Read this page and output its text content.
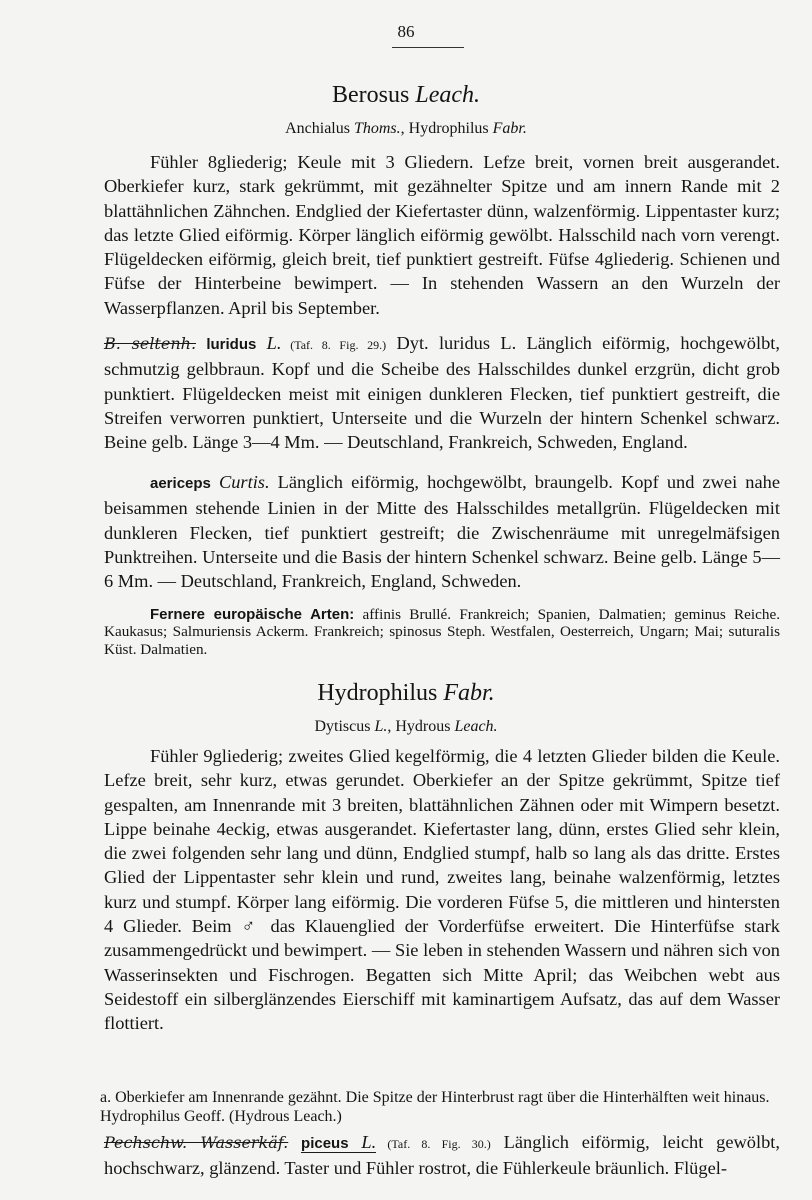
86
Berosus Leach.
Anchialus Thoms., Hydrophilus Fabr.
Fühler 8gliederig; Keule mit 3 Gliedern. Lefze breit, vornen breit ausgerandet. Oberkiefer kurz, stark gekrümmt, mit gezähnelter Spitze und am innern Rande mit 2 blattähnlichen Zähnchen. Endglied der Kiefertaster dünn, walzenförmig. Lippentaster kurz; das letzte Glied eiförmig. Körper länglich eiförmig gewölbt. Halsschild nach vorn verengt. Flügeldecken eiförmig, gleich breit, tief punktiert gestreift. Füfse 4gliederig. Schienen und Füfse der Hinterbeine bewimpert. — In stehenden Wassern an den Wurzeln der Wasserpflanzen. April bis September.
B. seltenh. luridus L. (Taf. 8. Fig. 29.) Dyt. luridus L. Länglich eiförmig, hochgewölbt, schmutzig gelbbraun. Kopf und die Scheibe des Halsschildes dunkel erzgrün, dicht grob punktiert. Flügeldecken meist mit einigen dunkleren Flecken, tief punktiert gestreift, die Streifen verworren punktiert, Unterseite und die Wurzeln der hintern Schenkel schwarz. Beine gelb. Länge 3—4 Mm. — Deutschland, Frankreich, Schweden, England.
aericeps Curtis. Länglich eiförmig, hochgewölbt, braungelb. Kopf und zwei nahe beisammen stehende Linien in der Mitte des Halsschildes metallgrün. Flügeldecken mit dunkleren Flecken, tief punktiert gestreift; die Zwischenräume mit unregelmäfsigen Punktreihen. Unterseite und die Basis der hintern Schenkel schwarz. Beine gelb. Länge 5—6 Mm. — Deutschland, Frankreich, England, Schweden.
Fernere europäische Arten: affinis Brullé. Frankreich; Spanien, Dalmatien; geminus Reiche. Kaukasus; Salmuriensis Ackerm. Frankreich; spinosus Steph. Westfalen, Oesterreich, Ungarn; Mai; suturalis Küst. Dalmatien.
Hydrophilus Fabr.
Dytiscus L., Hydrous Leach.
Fühler 9gliederig; zweites Glied kegelförmig, die 4 letzten Glieder bilden die Keule. Lefze breit, sehr kurz, etwas gerundet. Oberkiefer an der Spitze gekrümmt, Spitze tief gespalten, am Innenrande mit 3 breiten, blattähnlichen Zähnen oder mit Wimpern besetzt. Lippe beinahe 4eckig, etwas ausgerandet. Kiefertaster lang, dünn, erstes Glied sehr klein, die zwei folgenden sehr lang und dünn, Endglied stumpf, halb so lang als das dritte. Erstes Glied der Lippentaster sehr klein und rund, zweites lang, beinahe walzenförmig, letztes kurz und stumpf. Körper lang eiförmig. Die vorderen Füfse 5, die mittleren und hintersten 4 Glieder. Beim ♂ das Klauenglied der Vorderfüfse erweitert. Die Hinterfüfse stark zusammengedrückt und bewimpert. — Sie leben in stehenden Wassern und nähren sich von Wasserinsekten und Fischrogen. Begatten sich Mitte April; das Weibchen webt aus Seidestoff ein silberglänzendes Eierschiff mit kaminartigem Aufsatz, das auf dem Wasser flottiert.
a. Oberkiefer am Innenrande gezähnt. Die Spitze der Hinterbrust ragt über die Hinterhälften weit hinaus. Hydrophilus Geoff. (Hydrous Leach.)
Pechschw. Wasserkäf. piceus L. (Taf. 8. Fig. 30.) Länglich eiförmig, leicht gewölbt, hochschwarz, glänzend. Taster und Fühler rostrot, die Fühlerkeule bräunlich. Flügel-
